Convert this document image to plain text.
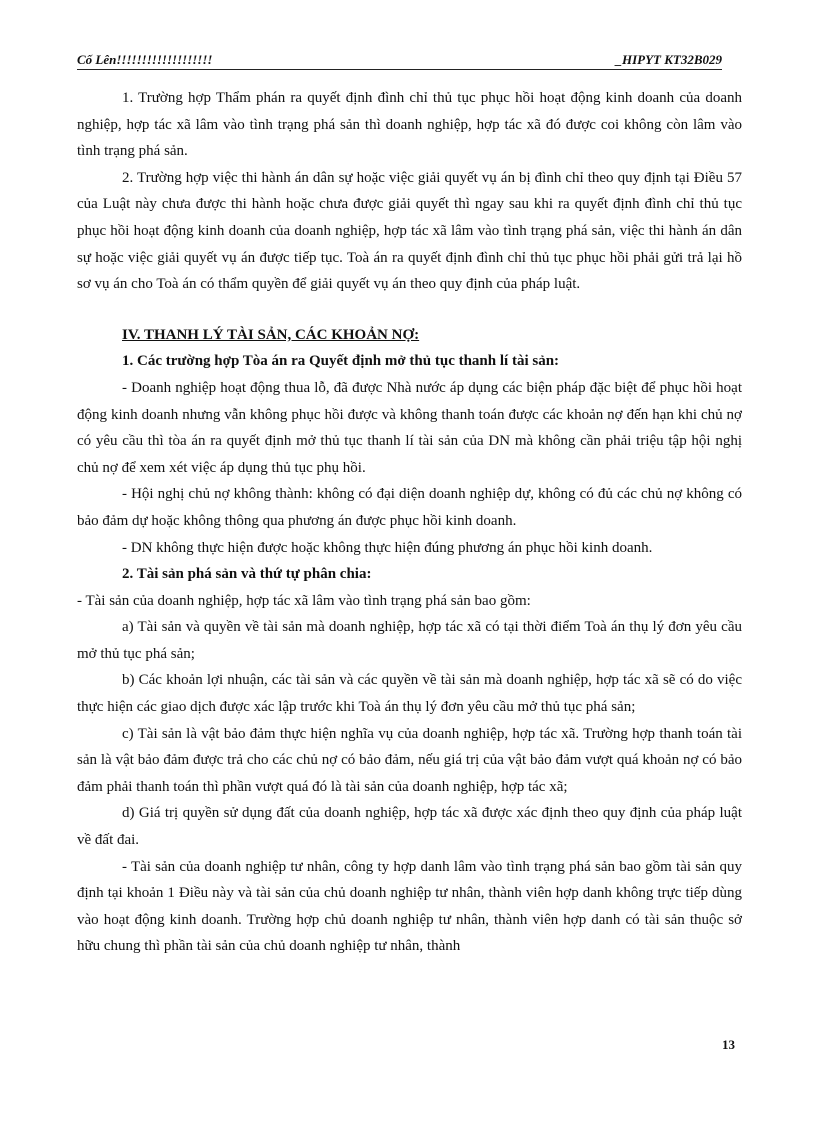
Cố Lên!!!!!!!!!!!!!!!!!!!	_HIPYT KT32B029

1. Trường hợp Thẩm phán ra quyết định đình chỉ thủ tục phục hồi hoạt động kinh doanh của doanh nghiệp, hợp tác xã lâm vào tình trạng phá sản thì doanh nghiệp, hợp tác xã đó được coi không còn lâm vào tình trạng phá sản.

2. Trường hợp việc thi hành án dân sự hoặc việc giải quyết vụ án bị đình chỉ theo quy định tại Điều 57 của Luật này chưa được thi hành hoặc chưa được giải quyết thì ngay sau khi ra quyết định đình chỉ thủ tục phục hồi hoạt động kinh doanh của doanh nghiệp, hợp tác xã lâm vào tình trạng phá sản, việc thi hành án dân sự hoặc việc giải quyết vụ án được tiếp tục. Toà án ra quyết định đình chỉ thủ tục phục hồi phải gửi trả lại hồ sơ vụ án cho Toà án có thẩm quyền để giải quyết vụ án theo quy định của pháp luật.

IV. THANH LÝ TÀI SẢN, CÁC KHOẢN NỢ:

1. Các trường hợp Tòa án ra Quyết định mở thủ tục thanh lí tài sản:

- Doanh nghiệp hoạt động thua lỗ, đã được Nhà nước áp dụng các biện pháp đặc biệt để phục hồi hoạt động kinh doanh nhưng vẫn không phục hồi được và không thanh toán được các khoản nợ đến hạn khi chủ nợ có yêu cầu thì tòa án ra quyết định mở thủ tục thanh lí tài sản của DN mà không cần phải triệu tập hội nghị chủ nợ để xem xét việc áp dụng thủ tục phụ hồi.

- Hội nghị chủ nợ không thành: không có đại diện doanh nghiệp dự, không có đủ các chủ nợ không có bảo đảm dự hoặc không thông qua phương án được phục hồi kinh doanh.

- DN không thực hiện được hoặc không thực hiện đúng phương án phục hồi kinh doanh.

2. Tài sản phá sản và thứ tự phân chia:

- Tài sản của doanh nghiệp, hợp tác xã lâm vào tình trạng phá sản bao gồm:

a) Tài sản và quyền về tài sản mà doanh nghiệp, hợp tác xã có tại thời điểm Toà án thụ lý đơn yêu cầu mở thủ tục phá sản;

b) Các khoản lợi nhuận, các tài sản và các quyền về tài sản mà doanh nghiệp, hợp tác xã sẽ có do việc thực hiện các giao dịch được xác lập trước khi Toà án thụ lý đơn yêu cầu mở thủ tục phá sản;

c) Tài sản là vật bảo đảm thực hiện nghĩa vụ của doanh nghiệp, hợp tác xã. Trường hợp thanh toán tài sản là vật bảo đảm được trả cho các chủ nợ có bảo đảm, nếu giá trị của vật bảo đảm vượt quá khoản nợ có bảo đảm phải thanh toán thì phần vượt quá đó là tài sản của doanh nghiệp, hợp tác xã;

d) Giá trị quyền sử dụng đất của doanh nghiệp, hợp tác xã được xác định theo quy định của pháp luật về đất đai.

- Tài sản của doanh nghiệp tư nhân, công ty hợp danh lâm vào tình trạng phá sản bao gồm tài sản quy định tại khoản 1 Điều này và tài sản của chủ doanh nghiệp tư nhân, thành viên hợp danh không trực tiếp dùng vào hoạt động kinh doanh. Trường hợp chủ doanh nghiệp tư nhân, thành viên hợp danh có tài sản thuộc sở hữu chung thì phần tài sản của chủ doanh nghiệp tư nhân, thành

13
